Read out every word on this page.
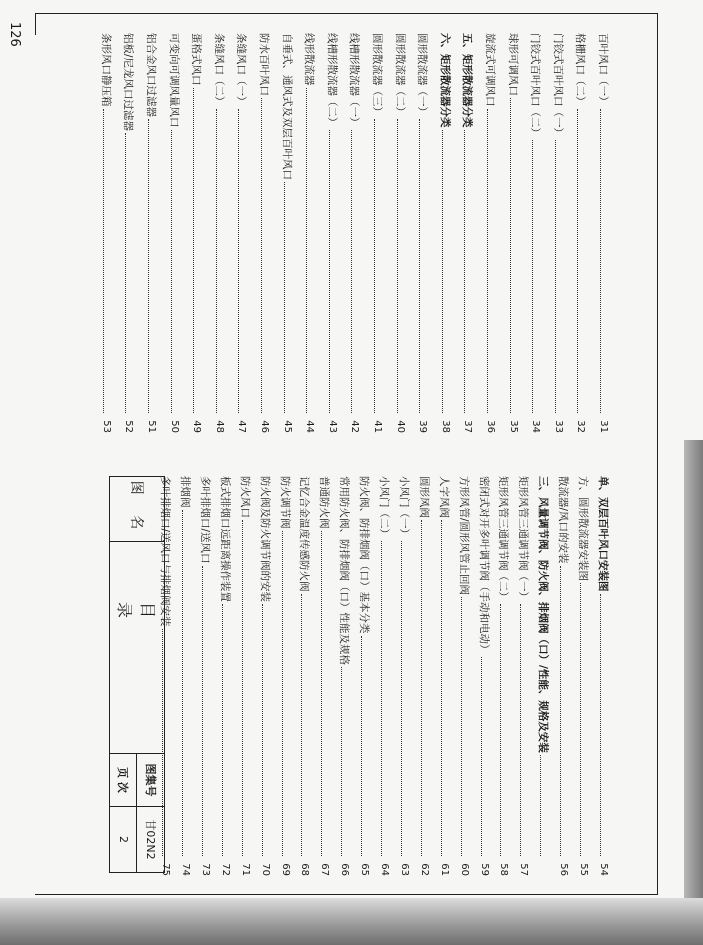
126	百叶风口（一）
31
格栅风口（二）
32
门铰式百叶风口（一）
33
门铰式百叶风口（二）
34
球形可调风口
35
旋流式可调风口
36
五、矩形散流器分类
37
六、矩形散流器分类
38
圆形散流器（一）
39
圆形散流器（二）
40
圆形散流器（三）
41
线槽形散流器（一）
42
线槽形散流器（二）
43
线形散流器
44
自垂式、通风式及双层百叶风口
45
防水百叶风口
46
条缝风口（一）
47
条缝风口（二）
48
蛋格式风口
49
可变向可调风量风口
50
铝合金风口过滤器
51
铝板/尼龙风口过滤器
52
条形风口静压箱
53
单、双层百叶风口安装图
54
方、圆形散流器安装图
55
散流器/风口的安装
56
三、风量调节阀、防火阀、排烟阀（口）/性能、规格及安装
矩形风管三通调节阀（一）
57
矩形风管三通调节阀（二）
58
密闭式对开多叶调节阀（手动和电动）
59
方形风管/圆形风管止回阀
60
人字风阀
61
圆形风阀
62
小风门（一）
63
小风门（二）
64
防火阀、防排烟阀（口）基本分类
65
常用防火阀、防排烟阀（口）性能及规格
66
普通防火阀
67
记忆合金温度传感防火阀
68
防火调节阀
69
防火阀及防火调节阀的安装
70
防火风口
71
板式排烟口远距离操作装置
72
多叶排烟口/送风口
73
排烟阀
74
多叶排烟口/送风口与排烟阀安装
75
图 名
目 录
图集号
甘02N2
页 次
2
